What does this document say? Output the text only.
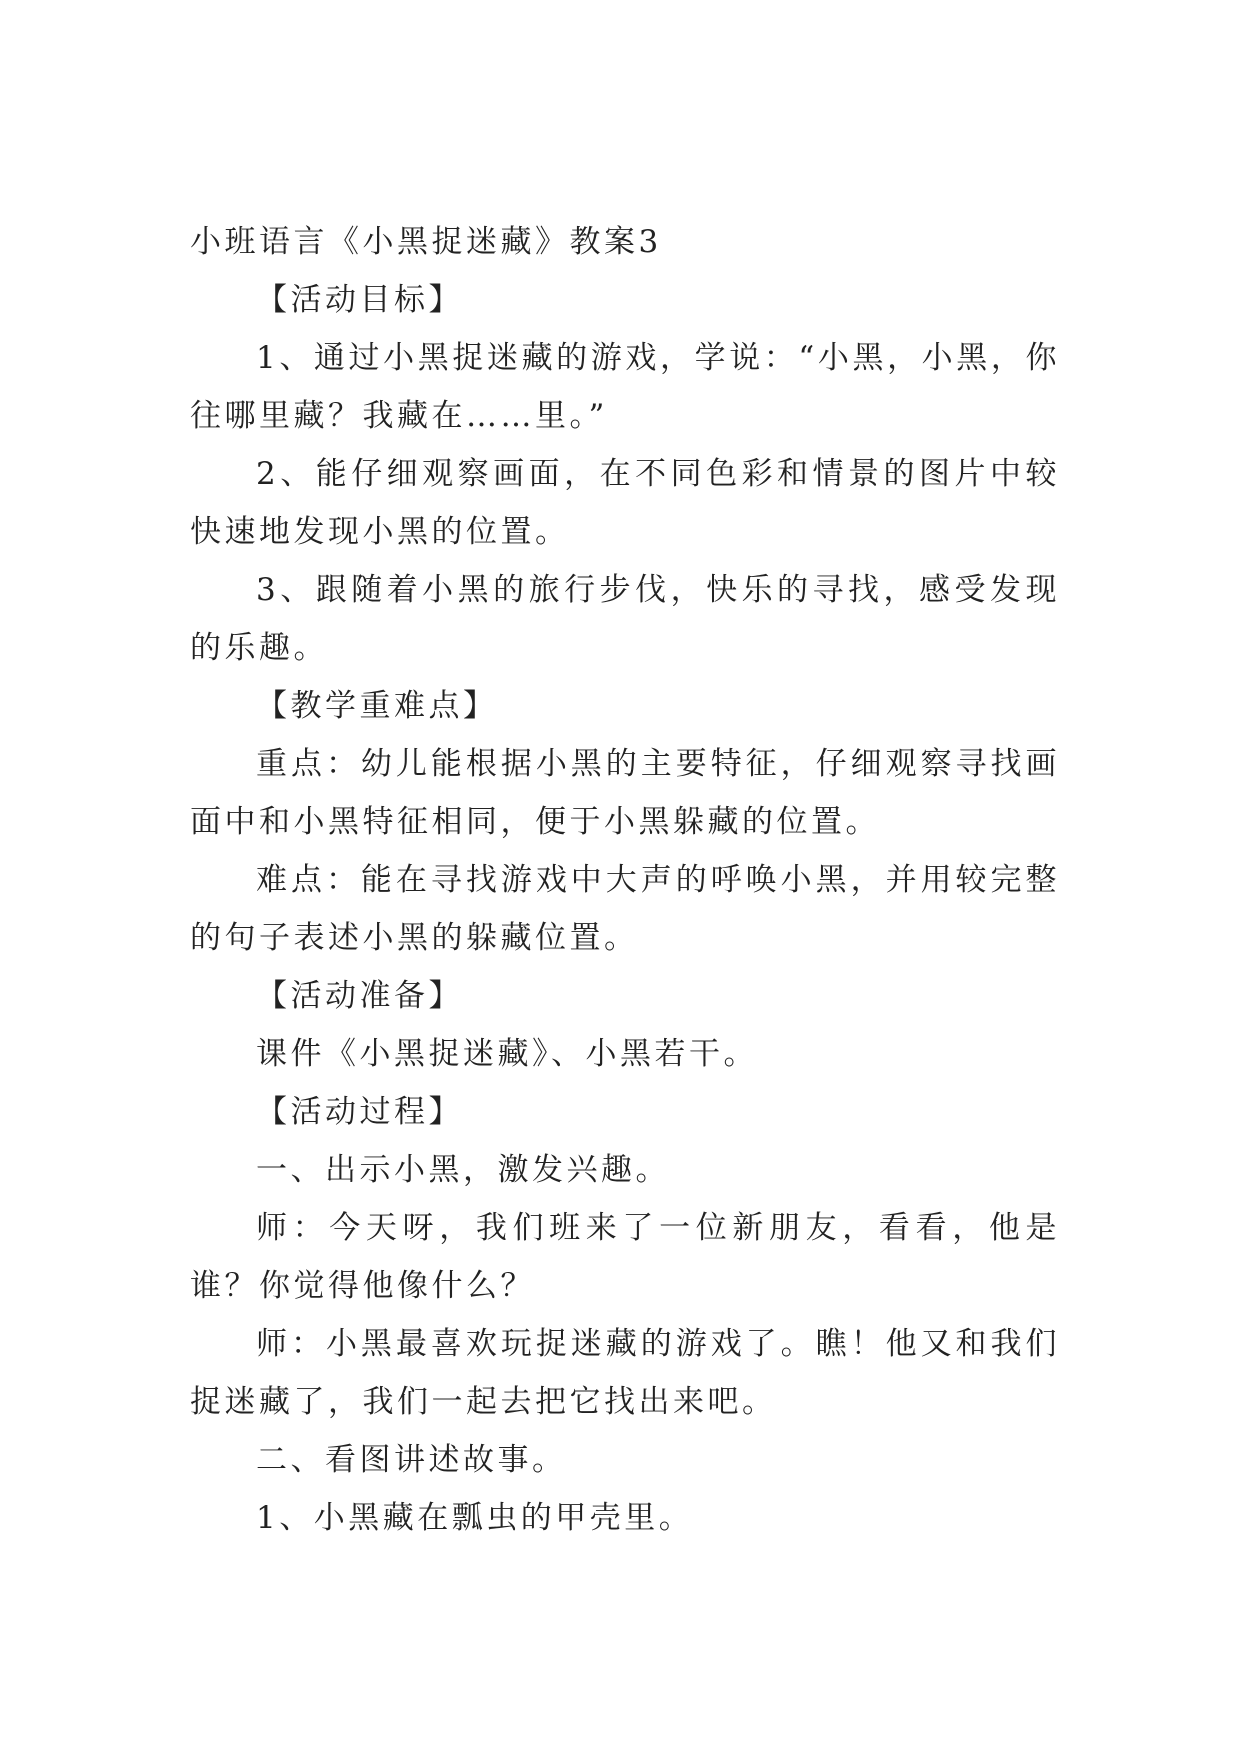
小班语言《小黑捉迷藏》教案3

【活动目标】

1、通过小黑捉迷藏的游戏，学说：“小黑，小黑，你往哪里藏？我藏在……里。”

2、能仔细观察画面，在不同色彩和情景的图片中较快速地发现小黑的位置。

3、跟随着小黑的旅行步伐，快乐的寻找，感受发现的乐趣。

【教学重难点】

重点：幼儿能根据小黑的主要特征，仔细观察寻找画面中和小黑特征相同，便于小黑躲藏的位置。

难点：能在寻找游戏中大声的呼唤小黑，并用较完整的句子表述小黑的躲藏位置。

【活动准备】

课件《小黑捉迷藏》、小黑若干。

【活动过程】

一、出示小黑，激发兴趣。

师：今天呀，我们班来了一位新朋友，看看，他是谁？你觉得他像什么？

师：小黑最喜欢玩捉迷藏的游戏了。瞧！他又和我们捉迷藏了，我们一起去把它找出来吧。

二、看图讲述故事。

1、小黑藏在瓢虫的甲壳里。
